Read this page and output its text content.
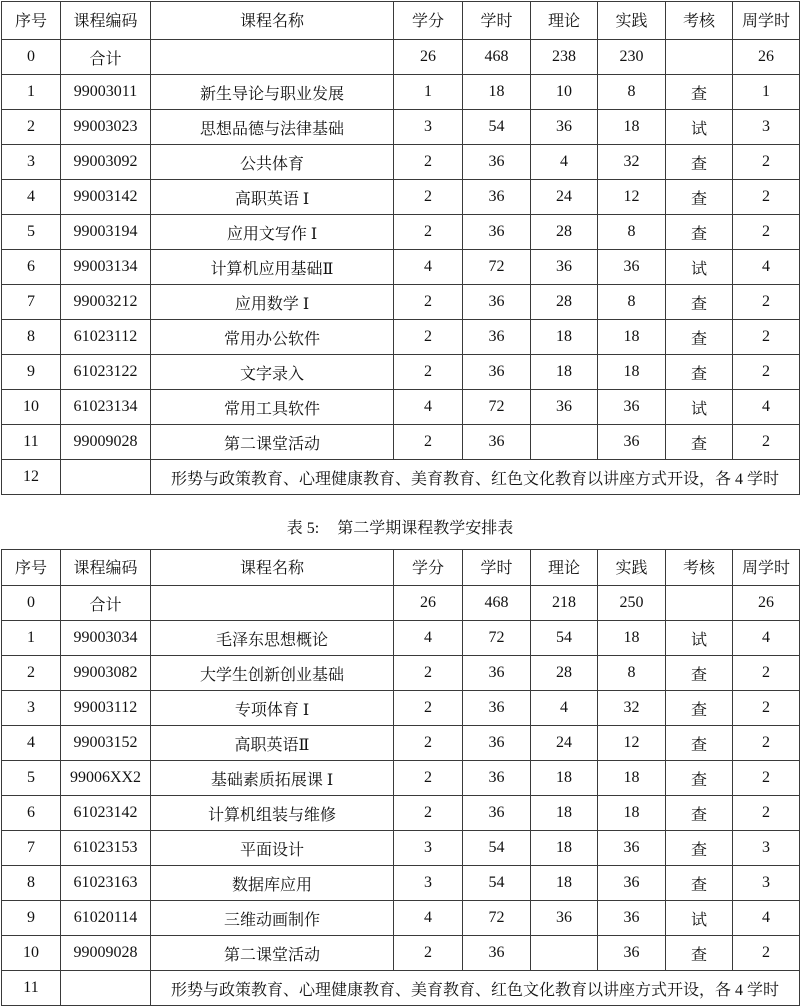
序号	课程编码	课程名称	学分	学时	理论	实践	考核	周学时
0	合计		26	468	238	230		26
1	99003011	新生导论与职业发展	1	18	10	8	查	1
2	99003023	思想品德与法律基础	3	54	36	18	试	3
3	99003092	公共体育	2	36	4	32	查	2
4	99003142	高职英语 Ⅰ	2	36	24	12	查	2
5	99003194	应用文写作 Ⅰ	2	36	28	8	查	2
6	99003134	计算机应用基础Ⅱ	4	72	36	36	试	4
7	99003212	应用数学 Ⅰ	2	36	28	8	查	2
8	61023112	常用办公软件	2	36	18	18	查	2
9	61023122	文字录入	2	36	18	18	查	2
10	61023134	常用工具软件	4	72	36	36	试	4
11	99009028	第二课堂活动	2	36		36	查	2
12		形势与政策教育、心理健康教育、美育教育、红色文化教育以讲座方式开设，各 4 学时						
表 5: 第二学期课程教学安排表
序号	课程编码	课程名称	学分	学时	理论	实践	考核	周学时
0	合计		26	468	218	250		26
1	99003034	毛泽东思想概论	4	72	54	18	试	4
2	99003082	大学生创新创业基础	2	36	28	8	查	2
3	99003112	专项体育 Ⅰ	2	36	4	32	查	2
4	99003152	高职英语Ⅱ	2	36	24	12	查	2
5	99006XX2	基础素质拓展课 Ⅰ	2	36	18	18	查	2
6	61023142	计算机组装与维修	2	36	18	18	查	2
7	61023153	平面设计	3	54	18	36	查	3
8	61023163	数据库应用	3	54	18	36	查	3
9	61020114	三维动画制作	4	72	36	36	试	4
10	99009028	第二课堂活动	2	36		36	查	2
11		形势与政策教育、心理健康教育、美育教育、红色文化教育以讲座方式开设，各 4 学时						
